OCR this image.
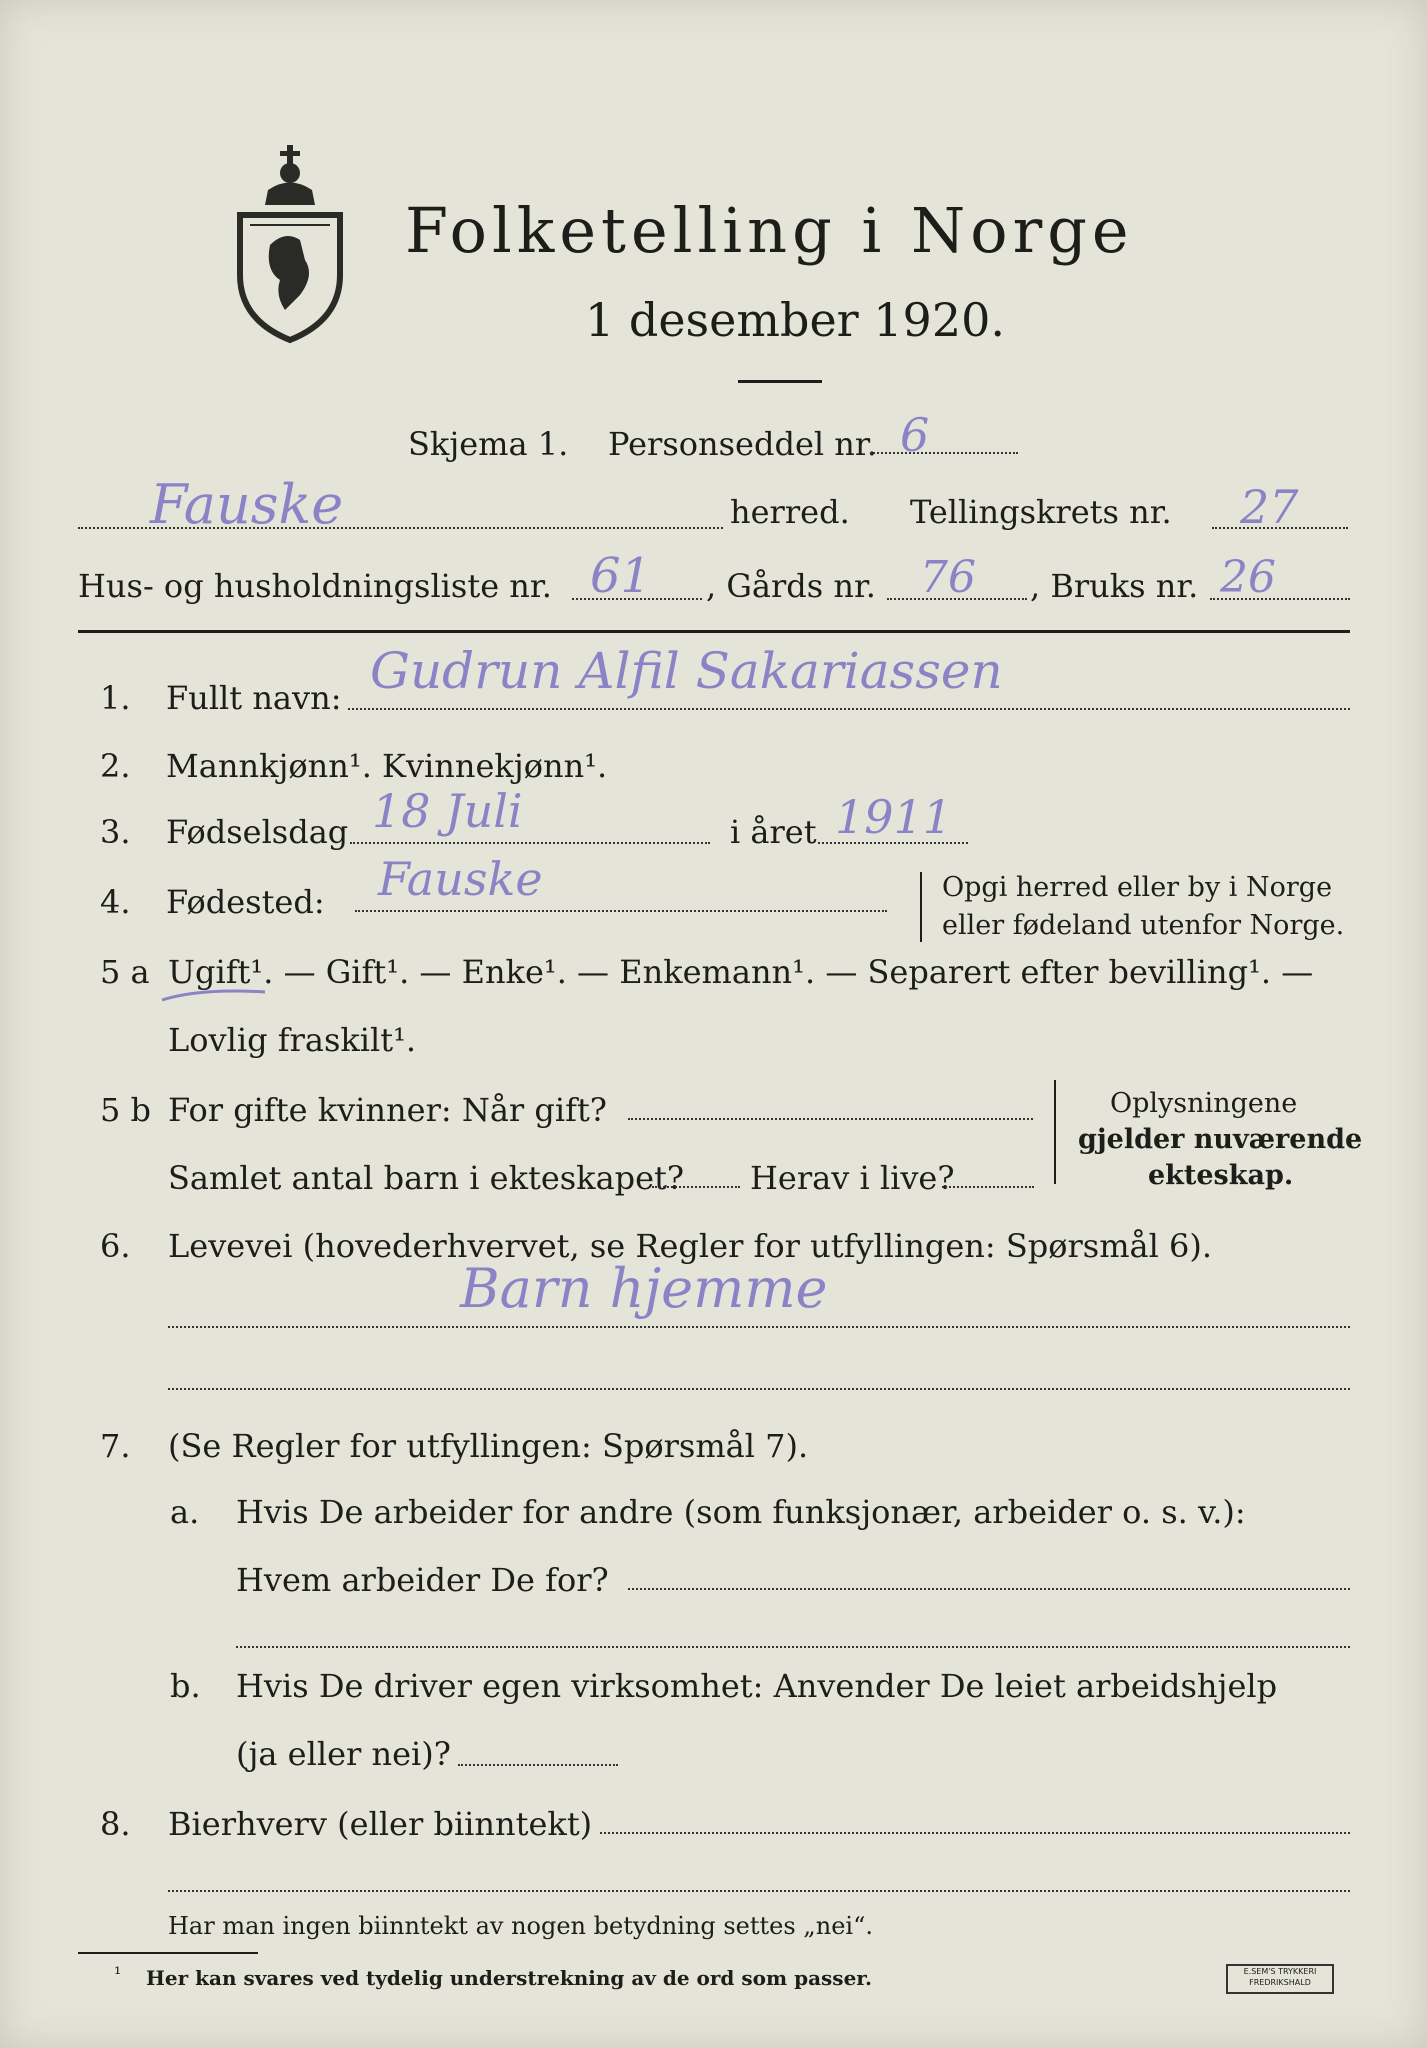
Folketelling i Norge
1 desember 1920.
Skjema 1. Personseddel nr. 6
Fauske	herred. Tellingskrets nr. 27
Hus- og husholdningsliste nr. 61 , Gårds nr. 76 , Bruks nr. 26
1. Fullt navn: Gudrun Alfil Sakariassen
2. Mannkjønn¹. Kvinnekjønn¹.
3. Fødselsdag 18 Juli	i året 1911
4. Fødested: Fauske	Opgi herred eller by i Norge
eller fødeland utenfor Norge.
5 a Ugift¹. — Gift¹. — Enke¹. — Enkemann¹. — Separert efter bevilling¹. —
Lovlig fraskilt¹.
5 b For gifte kvinner: Når gift?
Samlet antal barn i ekteskapet? Herav i live?
Oplysningene
gjelder nuværende
ekteskap.
6. Levevei (hovederhvervet, se Regler for utfyllingen: Spørsmål 6).
Barn hjemme
7. (Se Regler for utfyllingen: Spørsmål 7).
a. Hvis De arbeider for andre (som funksjonær, arbeider o. s. v.):
Hvem arbeider De for?
b. Hvis De driver egen virksomhet: Anvender De leiet arbeidshjelp
(ja eller nei)?
8. Bierhverv (eller biinntekt)
Har man ingen biinntekt av nogen betydning settes „nei“.
¹ Her kan svares ved tydelig understrekning av de ord som passer.	E.SEM'S TRYKKERI
FREDRIKSHALD
